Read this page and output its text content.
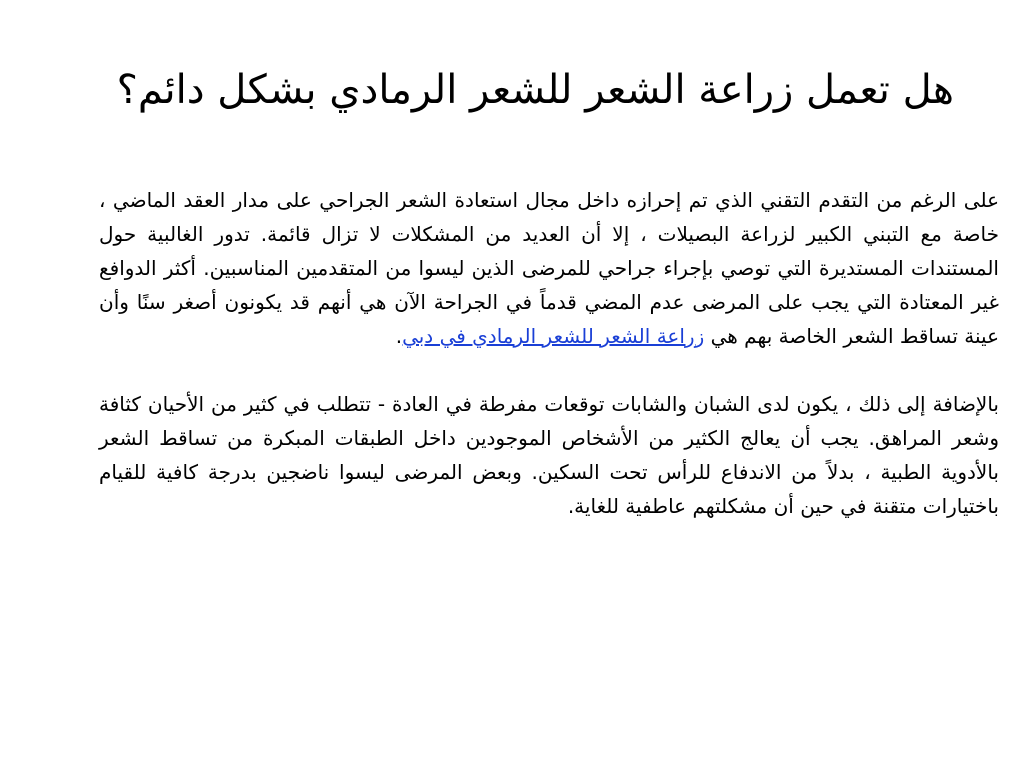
هل تعمل زراعة الشعر للشعر الرمادي بشكل دائم؟

على الرغم من التقدم التقني الذي تم إحرازه داخل مجال استعادة الشعر الجراحي على مدار العقد الماضي ، خاصة مع التبني الكبير لزراعة البصيلات ، إلا أن العديد من المشكلات لا تزال قائمة. تدور الغالبية حول المستندات المستديرة التي توصي بإجراء جراحي للمرضى الذين ليسوا من المتقدمين المناسبين. أكثر الدوافع غير المعتادة التي يجب على المرضى عدم المضي قدماً في الجراحة الآن هي أنهم قد يكونون أصغر سنًا وأن عينة تساقط الشعر الخاصة بهم هي زراعة الشعر للشعر الرمادي في دبي.

بالإضافة إلى ذلك ، يكون لدى الشبان والشابات توقعات مفرطة في العادة - تتطلب في كثير من الأحيان كثافة وشعر المراهق. يجب أن يعالج الكثير من الأشخاص الموجودين داخل الطبقات المبكرة من تساقط الشعر بالأدوية الطبية ، بدلاً من الاندفاع للرأس تحت السكين. وبعض المرضى ليسوا ناضجين بدرجة كافية للقيام باختيارات متقنة في حين أن مشكلتهم عاطفية للغاية.
